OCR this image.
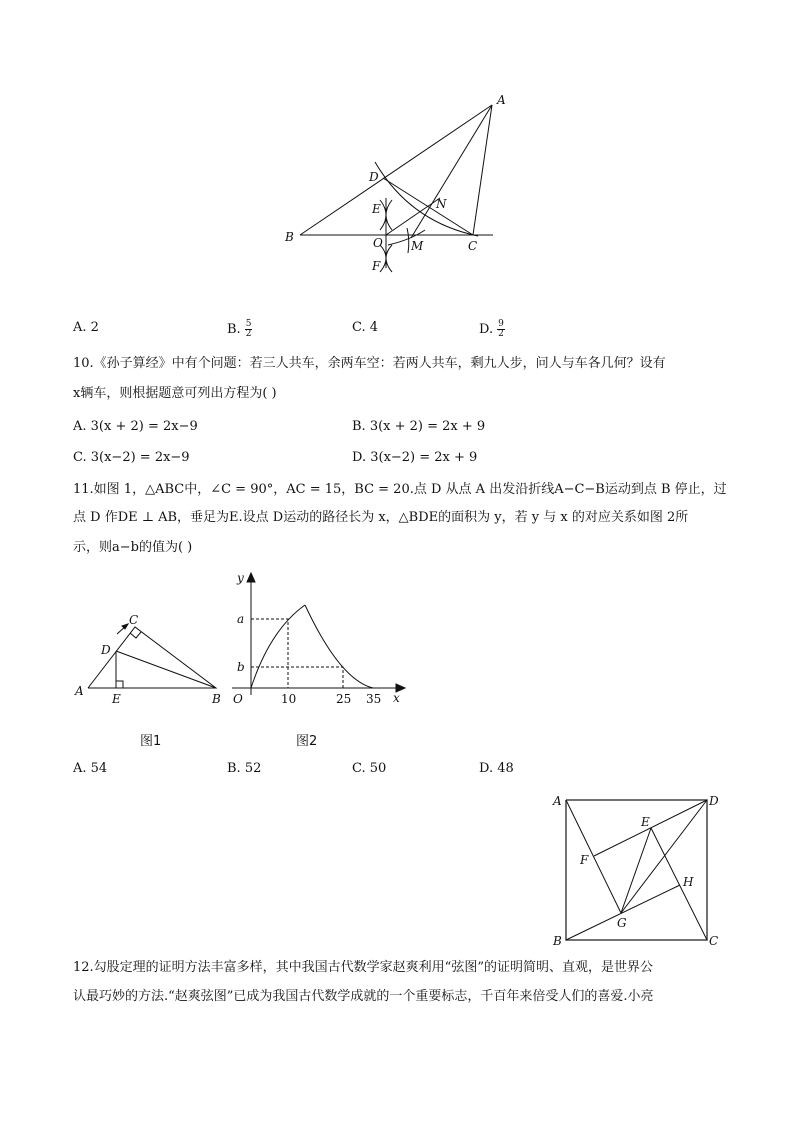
A
B
C
D
E
F
N
O M
A
B
C
D
E
y
x
O
a
b
10	25 35
A
B	C
D
E
F
G
H
A. 2	B. $\frac{5}{2}$	C. 4	D. $\frac{9}{2}$
10.《孙子算经》中有个问题：若三人共车，余两车空：若两人共车，剩九人步，问人与车各几何？设有
x辆车，则根据题意可列出方程为( )
A. 3(x + 2) = 2x−9	B. 3(x + 2) = 2x + 9
C. 3(x−2) = 2x−9	D. 3(x−2) = 2x + 9
11.如图 1，△ABC中，∠C = 90°，AC = 15，BC = 20.点 D 从点 A 出发沿折线A−C−B运动到点 B 停止，过
点 D 作DE ⊥ AB，垂足为E.设点 D运动的路径长为 x，△BDE的面积为 y，若 y 与 x 的对应关系如图 2所
示，则a−b的值为( )
图1	图2
A. 54	B. 52	C. 50	D. 48
12.勾股定理的证明方法丰富多样，其中我国古代数学家赵爽利用“弦图”的证明简明、直观，是世界公
认最巧妙的方法.“赵爽弦图”已成为我国古代数学成就的一个重要标志，千百年来倍受人们的喜爱.小亮
